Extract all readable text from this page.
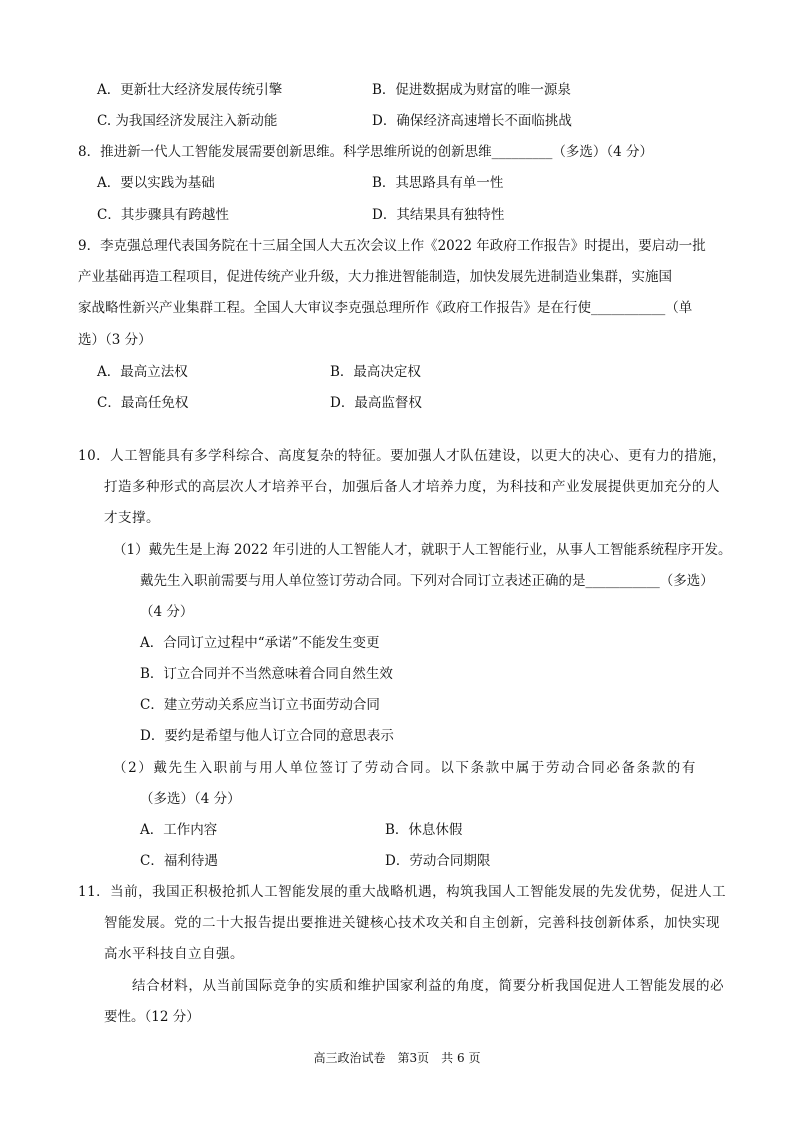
A．更新壮大经济发展传统引擎	B．促进数据成为财富的唯一源泉
C. 为我国经济发展注入新动能	D．确保经济高速增长不面临挑战
8．推进新一代人工智能发展需要创新思维。科学思维所说的创新思维_________（多选）（4 分）
A．要以实践为基础	B．其思路具有单一性
C．其步骤具有跨越性	D．其结果具有独特性
9．李克强总理代表国务院在十三届全国人大五次会议上作《2022 年政府工作报告》时提出，要启动一批
产业基础再造工程项目，促进传统产业升级，大力推进智能制造，加快发展先进制造业集群，实施国
家战略性新兴产业集群工程。全国人大审议李克强总理所作《政府工作报告》是在行使___________（单
选）（3 分）
A．最高立法权	B．最高决定权
C．最高任免权	D．最高监督权
10．人工智能具有多学科综合、高度复杂的特征。要加强人才队伍建设，以更大的决心、更有力的措施，
打造多种形式的高层次人才培养平台，加强后备人才培养力度，为科技和产业发展提供更加充分的人
才支撑。
（1）戴先生是上海 2022 年引进的人工智能人才，就职于人工智能行业，从事人工智能系统程序开发。
戴先生入职前需要与用人单位签订劳动合同。下列对合同订立表述正确的是___________（多选）
（4 分）
A．合同订立过程中“承诺”不能发生变更
B．订立合同并不当然意味着合同自然生效
C．建立劳动关系应当订立书面劳动合同
D．要约是希望与他人订立合同的意思表示
（2）戴先生入职前与用人单位签订了劳动合同。以下条款中属于劳动合同必备条款的有
（多选）（4 分）
A．工作内容	B．休息休假
C．福利待遇	D．劳动合同期限
11．当前，我国正积极抢抓人工智能发展的重大战略机遇，构筑我国人工智能发展的先发优势，促进人工
智能发展。党的二十大报告提出要推进关键核心技术攻关和自主创新，完善科技创新体系，加快实现
高水平科技自立自强。
结合材料，从当前国际竞争的实质和维护国家利益的角度，简要分析我国促进人工智能发展的必
要性。（12 分）
高三政治试卷　第3页　共 6 页
